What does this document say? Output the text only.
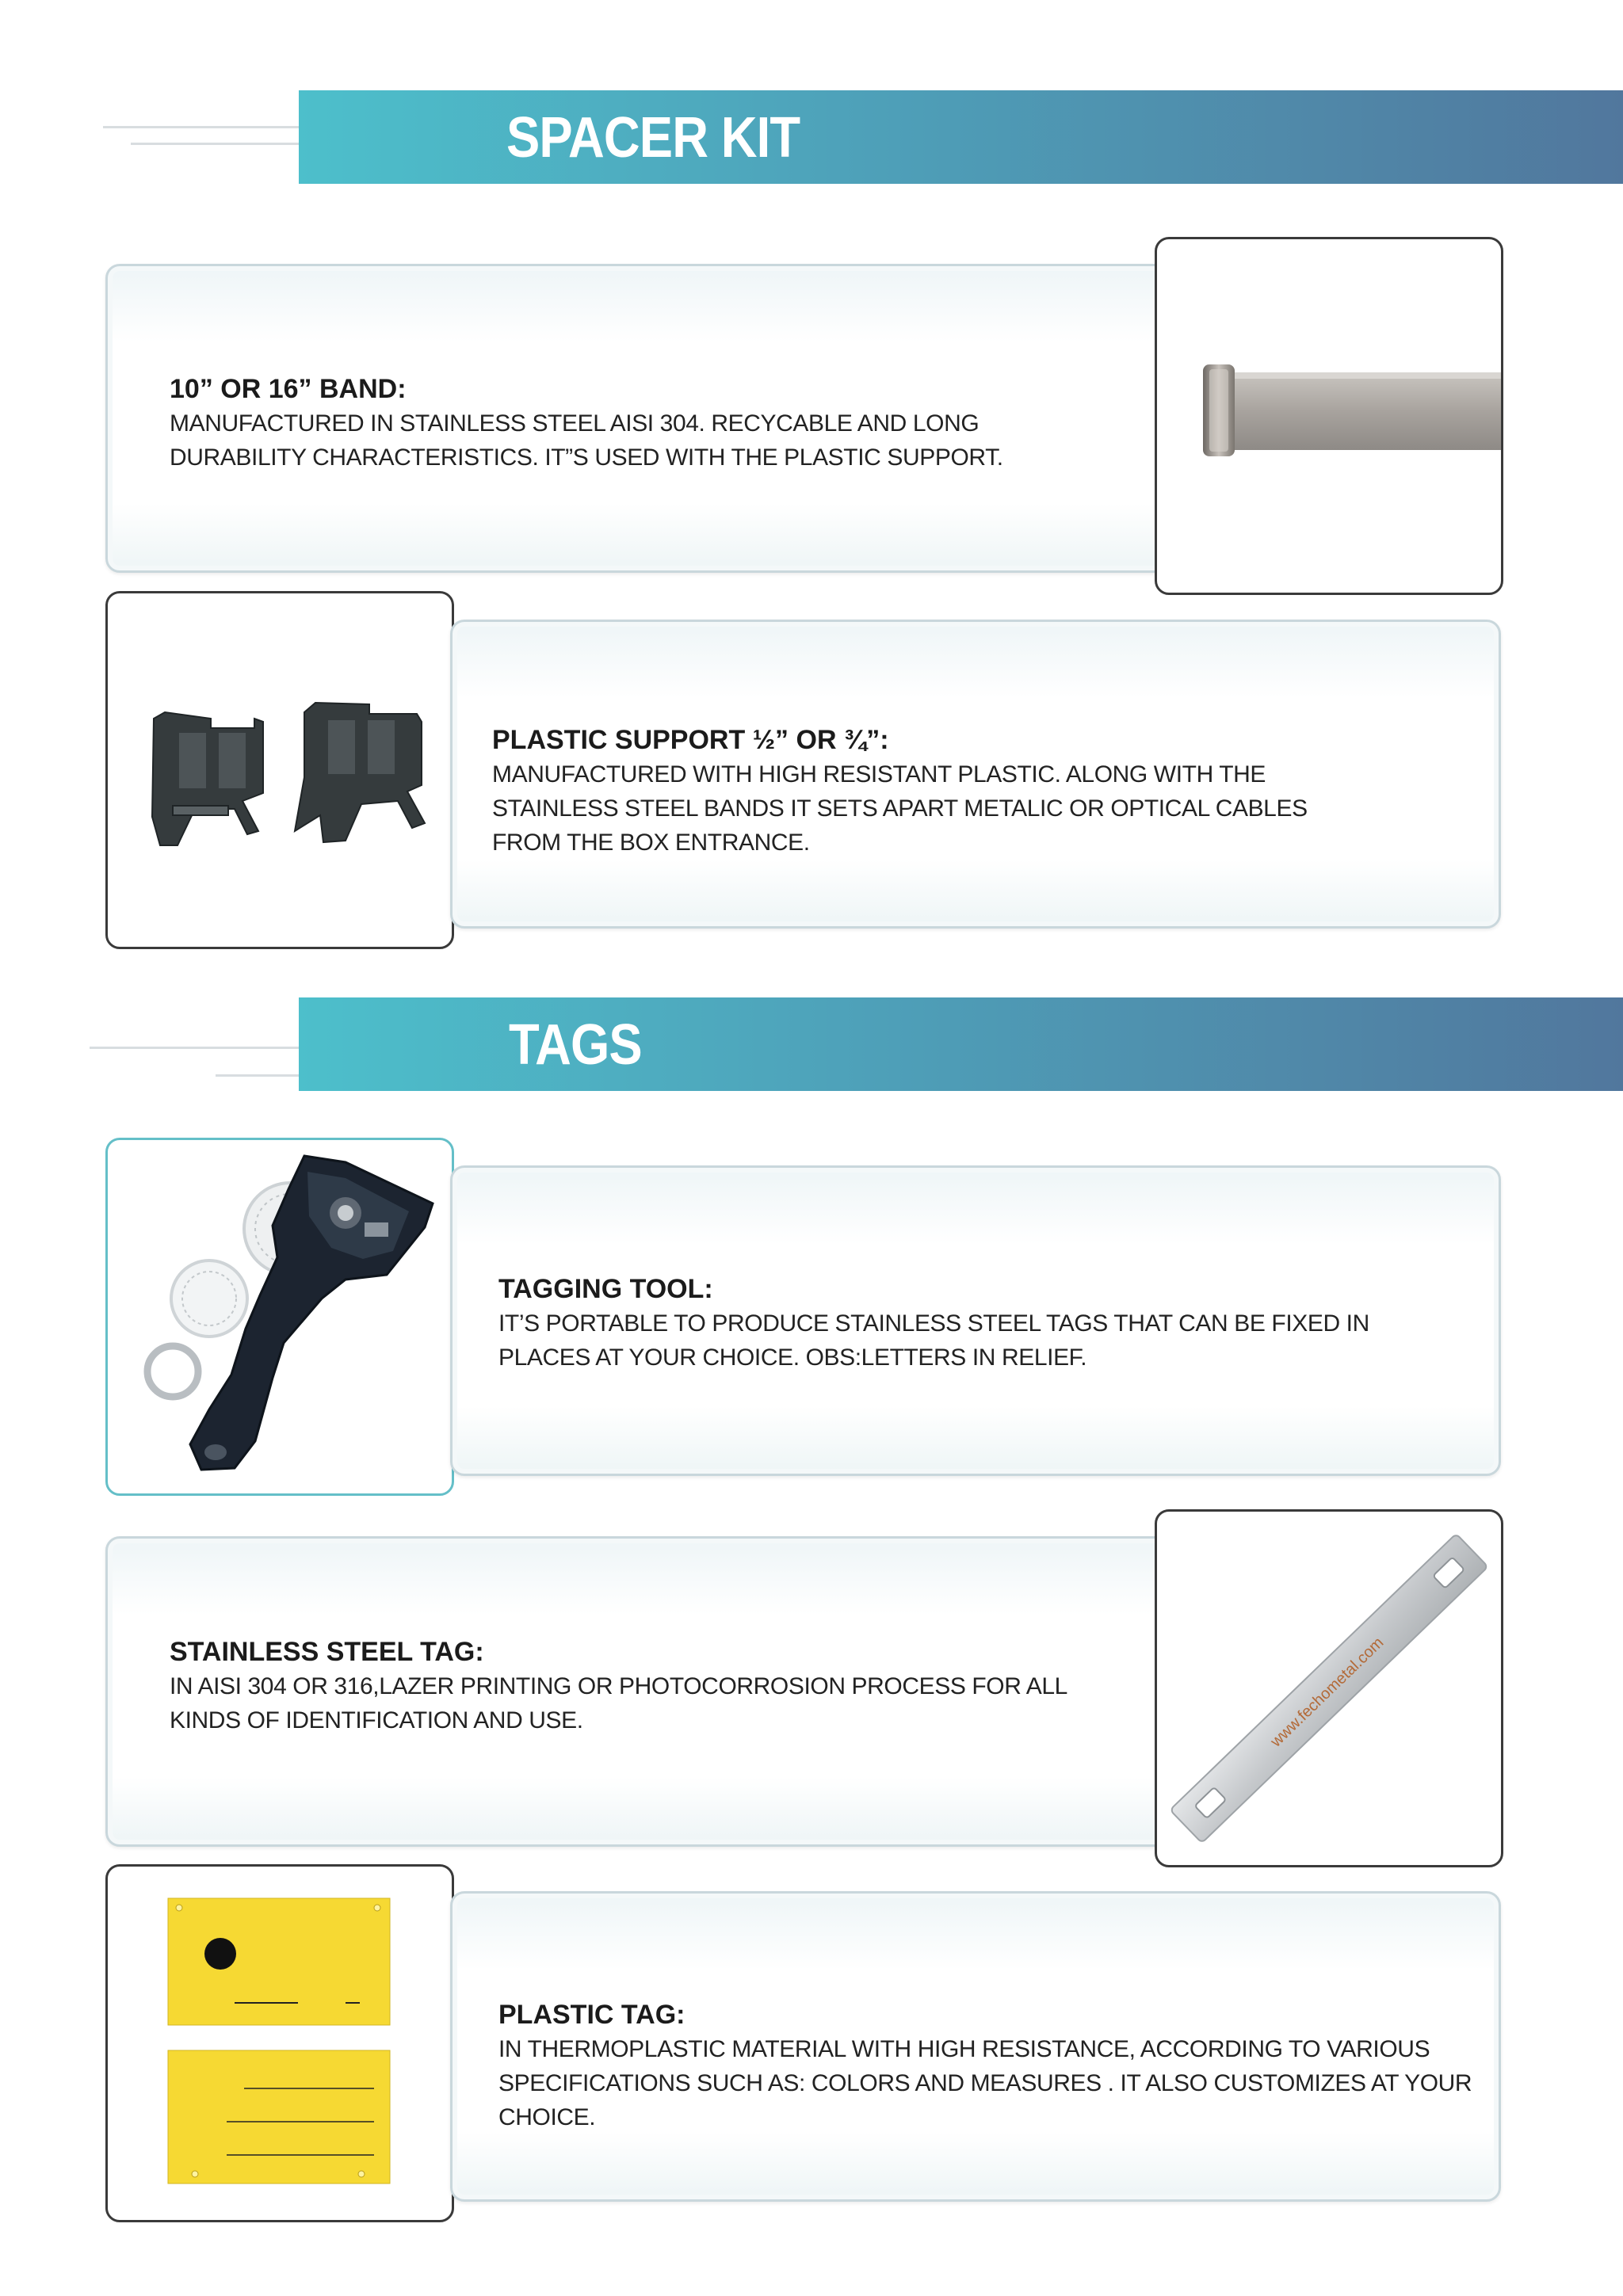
SPACER KIT
10” OR 16” BAND:
MANUFACTURED IN STAINLESS STEEL AISI 304. RECYCABLE AND LONG DURABILITY CHARACTERISTICS. IT”S USED WITH THE PLASTIC SUPPORT.
PLASTIC SUPPORT ½” OR ¾”:
MANUFACTURED WITH HIGH RESISTANT PLASTIC. ALONG WITH THE STAINLESS STEEL BANDS IT SETS APART METALIC OR OPTICAL CABLES FROM THE BOX ENTRANCE.
TAGS
TAGGING TOOL:
IT’S PORTABLE TO PRODUCE STAINLESS STEEL TAGS THAT CAN BE FIXED IN PLACES AT YOUR CHOICE. OBS:LETTERS IN RELIEF.
STAINLESS STEEL TAG:
IN AISI 304 OR 316,LAZER PRINTING OR PHOTOCORROSION PROCESS FOR ALL KINDS OF IDENTIFICATION AND USE.	www.fechometal.com
PLASTIC TAG:
IN THERMOPLASTIC MATERIAL WITH HIGH RESISTANCE, ACCORDING TO VARIOUS SPECIFICATIONS SUCH AS: COLORS AND MEASURES . IT ALSO CUSTOMIZES AT YOUR CHOICE.
